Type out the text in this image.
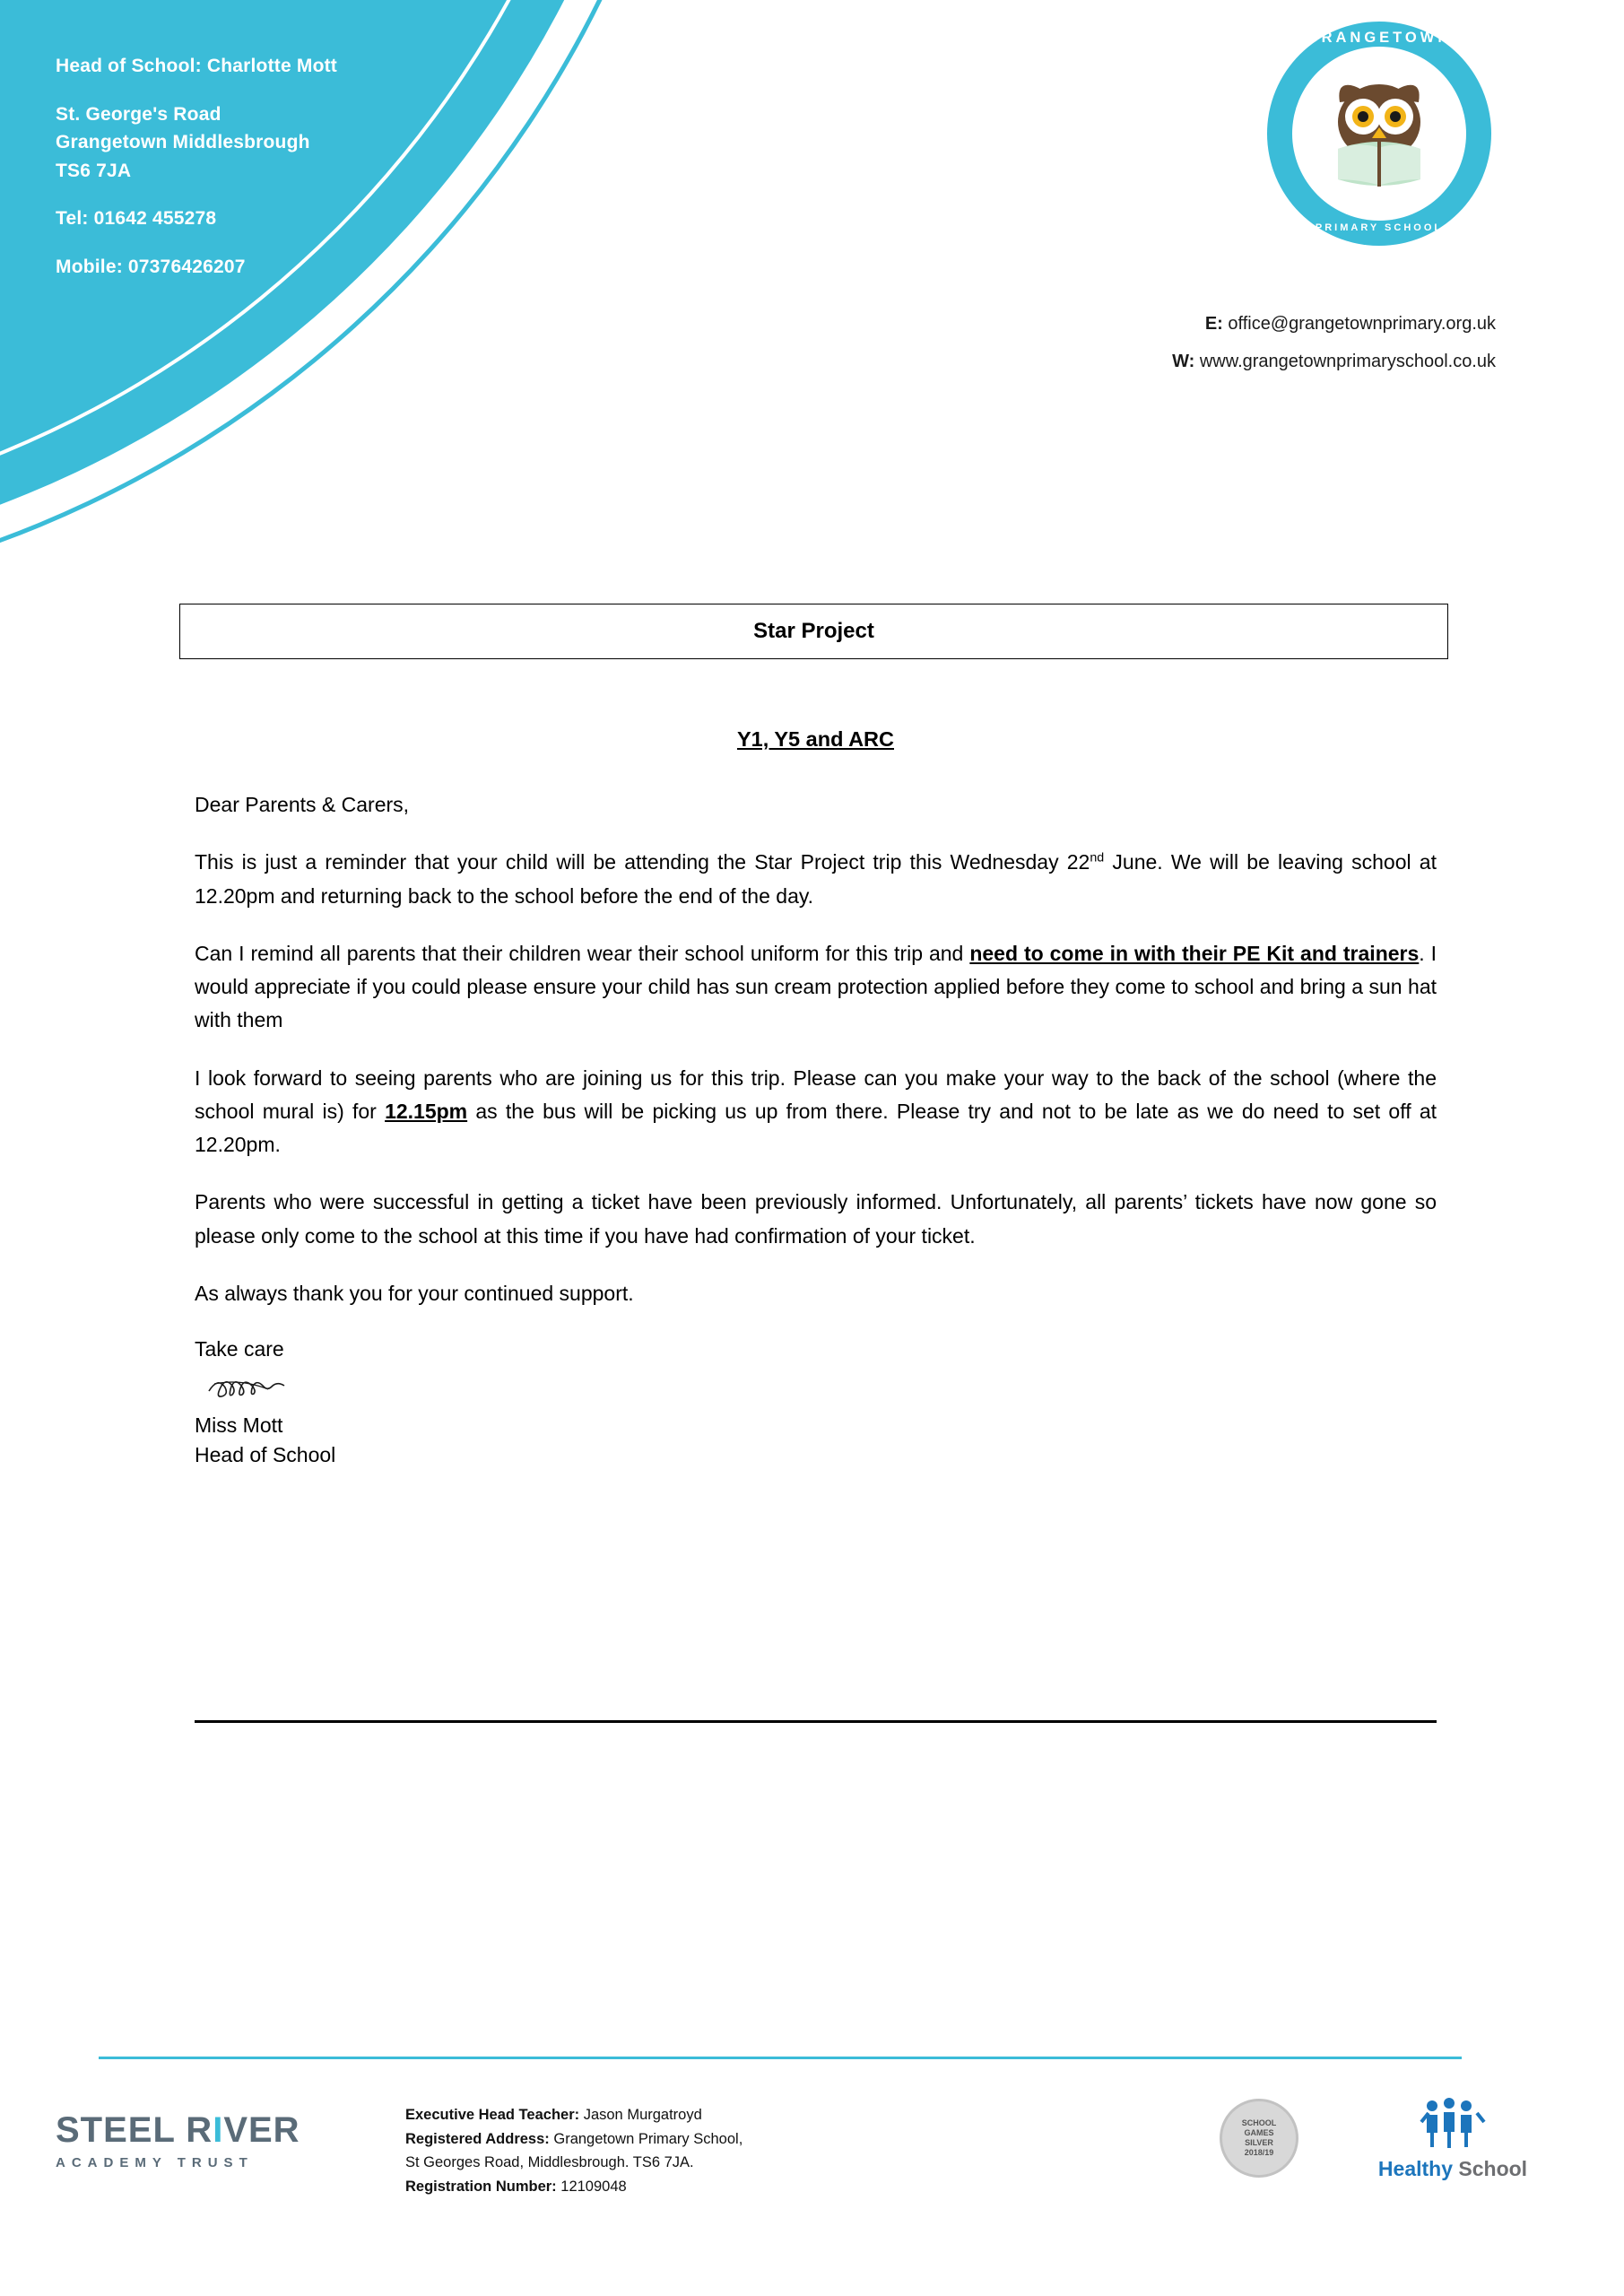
Head of School: Charlotte Mott
St. George's Road
Grangetown Middlesbrough
TS6 7JA
Tel: 01642 455278
Mobile: 07376426207
GRANGETOWN
PRIMARY SCHOOL
E: office@grangetownprimary.org.uk
W: www.grangetownprimaryschool.co.uk
Star Project
Y1, Y5 and ARC

Dear Parents & Carers,

This is just a reminder that your child will be attending the Star Project trip this Wednesday 22nd June. We will be leaving school at 12.20pm and returning back to the school before the end of the day.

Can I remind all parents that their children wear their school uniform for this trip and need to come in with their PE Kit and trainers. I would appreciate if you could please ensure your child has sun cream protection applied before they come to school and bring a sun hat with them

I look forward to seeing parents who are joining us for this trip. Please can you make your way to the back of the school (where the school mural is) for 12.15pm as the bus will be picking us up from there. Please try and not to be late as we do need to set off at 12.20pm.

Parents who were successful in getting a ticket have been previously informed. Unfortunately, all parents’ tickets have now gone so please only come to the school at this time if you have had confirmation of your ticket.

As always thank you for your continued support.

Take care

Miss Mott

Head of School

STEEL RIVER
ACADEMY TRUST
Executive Head Teacher: Jason Murgatroyd
Registered Address: Grangetown Primary School,
St Georges Road, Middlesbrough. TS6 7JA.
Registration Number: 12109048
SCHOOL
GAMES
SILVER
2018/19
Healthy School
